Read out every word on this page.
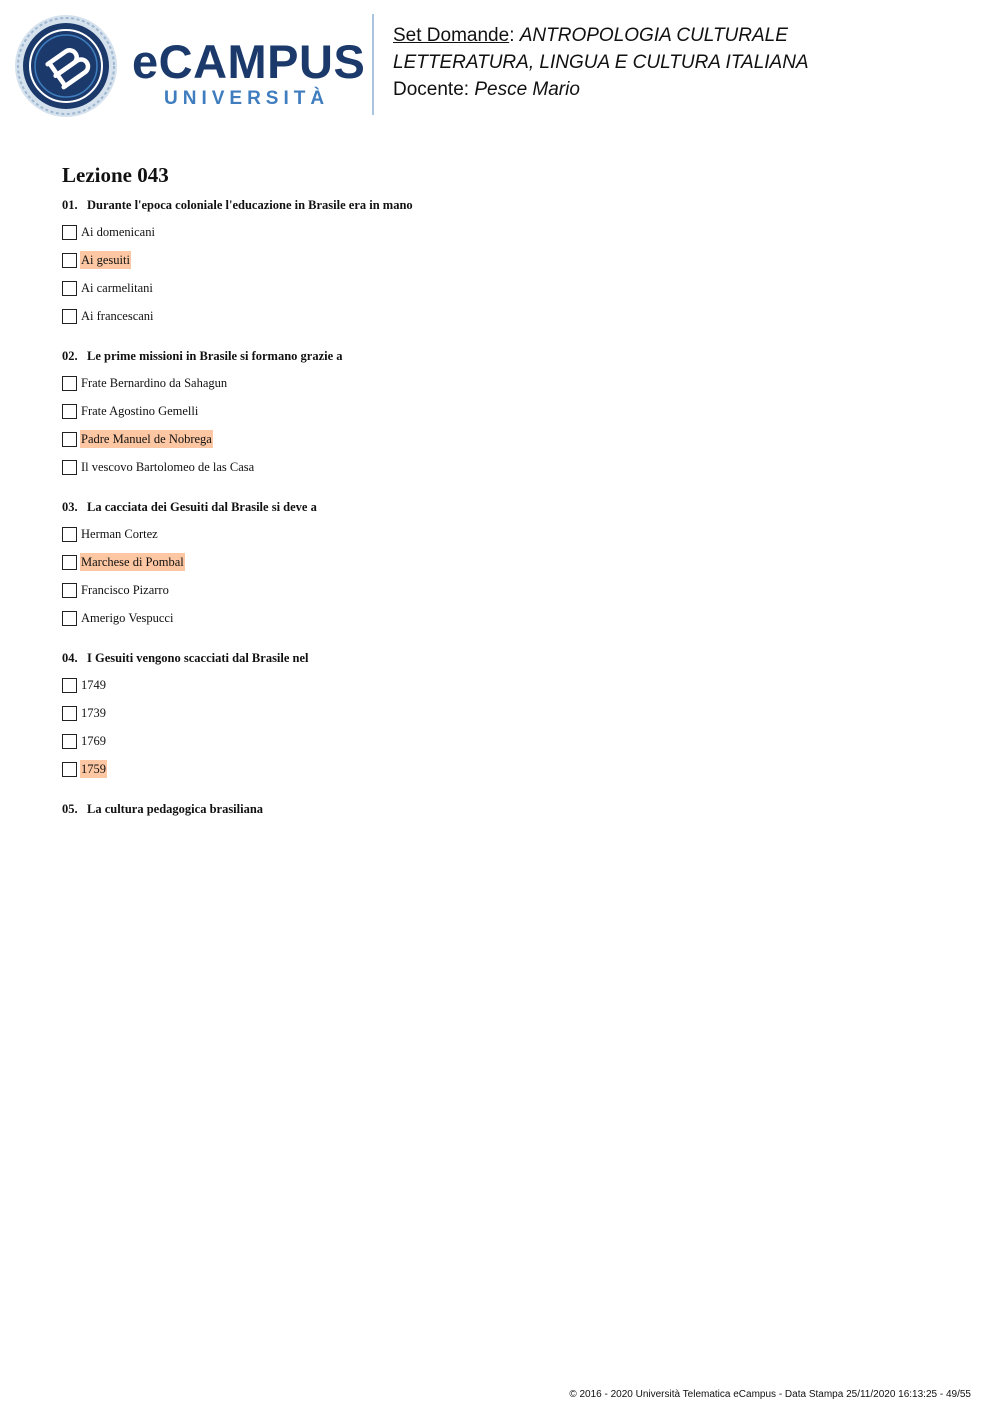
eCAMPUS
UNIVERSITÀ
Set Domande: ANTROPOLOGIA CULTURALE
LETTERATURA, LINGUA E CULTURA ITALIANA
Docente: Pesce Mario
Lezione 043
01. Durante l'epoca coloniale l'educazione in Brasile era in mano
Ai domenicani
Ai gesuiti
Ai carmelitani
Ai francescani
02. Le prime missioni in Brasile si formano grazie a
Frate Bernardino da Sahagun
Frate Agostino Gemelli
Padre Manuel de Nobrega
Il vescovo Bartolomeo de las Casa
03. La cacciata dei Gesuiti dal Brasile si deve a
Herman Cortez
Marchese di Pombal
Francisco Pizarro
Amerigo Vespucci
04. I Gesuiti vengono scacciati dal Brasile nel
1749
1739
1769
1759
05. La cultura pedagogica brasiliana
© 2016 - 2020 Università Telematica eCampus - Data Stampa 25/11/2020 16:13:25 - 49/55
